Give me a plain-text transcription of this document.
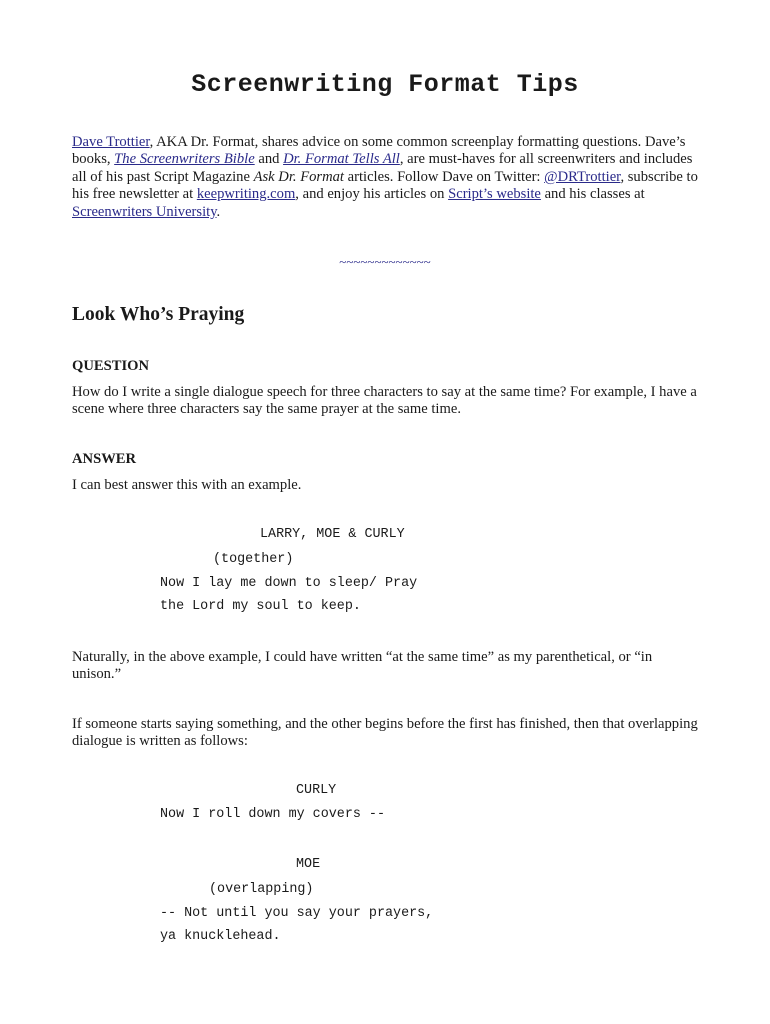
Screenwriting Format Tips
Dave Trottier, AKA Dr. Format, shares advice on some common screenplay formatting questions. Dave’s books, The Screenwriters Bible and Dr. Format Tells All, are must-haves for all screenwriters and includes all of his past Script Magazine Ask Dr. Format articles. Follow Dave on Twitter: @DRTrottier, subscribe to his free newsletter at keepwriting.com, and enjoy his articles on Script’s website and his classes at Screenwriters University.
~~~~~~~~~~~~~
Look Who’s Praying
QUESTION
How do I write a single dialogue speech for three characters to say at the same time? For example, I have a scene where three characters say the same prayer at the same time.
ANSWER
I can best answer this with an example.
LARRY, MOE & CURLY
(together)
Now I lay me down to sleep/ Pray
the Lord my soul to keep.
Naturally, in the above example, I could have written “at the same time” as my parenthetical, or “in unison.”
If someone starts saying something, and the other begins before the first has finished, then that overlapping dialogue is written as follows:
CURLY
Now I roll down my covers --
MOE
(overlapping)
-- Not until you say your prayers,
ya knucklehead.
